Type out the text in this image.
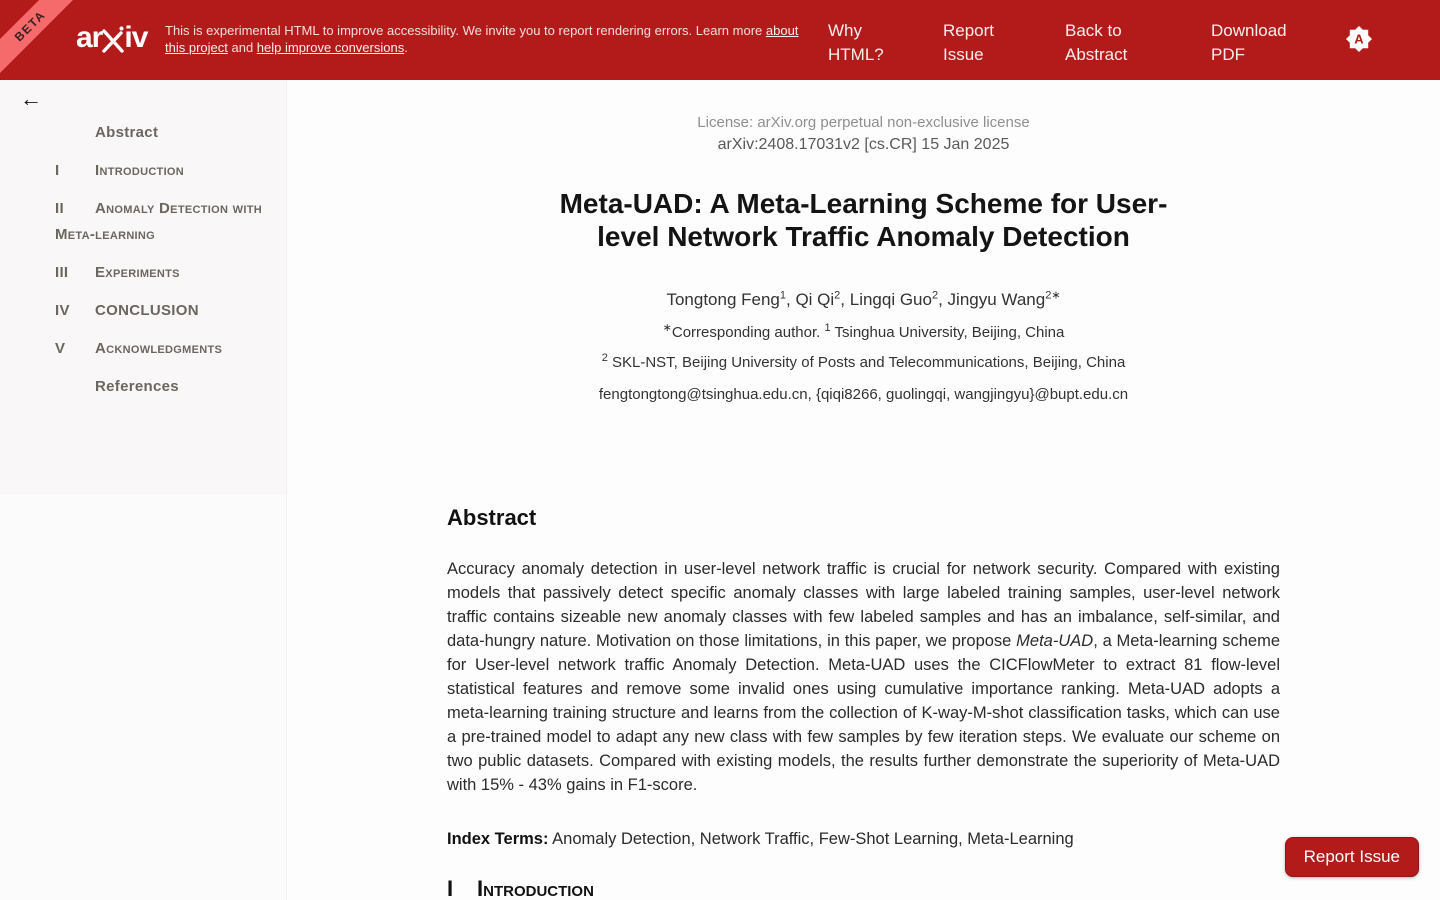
BETA ar iv This is experimental HTML to improve accessibility. We invite you to report rendering errors. Learn more about this project and help improve conversions.
Why HTML?
Report Issue
Back to Abstract
Download PDF
A
←
Abstract
I Introduction
II Anomaly Detection with Meta-learning
III Experiments
IV CONCLUSION
V Acknowledgments
References
License: arXiv.org perpetual non-exclusive license
arXiv:2408.17031v2 [cs.CR] 15 Jan 2025
Meta-UAD: A Meta-Learning Scheme for User-level Network Traffic Anomaly Detection
Tongtong Feng$^1$, Qi Qi$^2$, Lingqi Guo$^2$, Jingyu Wang$^{2∗}$
∗Corresponding author. $^1$ Tsinghua University, Beijing, China
$^2$ SKL-NST, Beijing University of Posts and Telecommunications, Beijing, China
fengtongtong@tsinghua.edu.cn, {qiqi8266, guolingqi, wangjingyu}@bupt.edu.cn
Abstract

Accuracy anomaly detection in user-level network traffic is crucial for network security. Compared with existing models that passively detect specific anomaly classes with large labeled training samples, user-level network traffic contains sizeable new anomaly classes with few labeled samples and has an imbalance, self-similar, and data-hungry nature. Motivation on those limitations, in this paper, we propose Meta-UAD, a Meta-learning scheme for User-level network traffic Anomaly Detection. Meta-UAD uses the CICFlowMeter to extract 81 flow-level statistical features and remove some invalid ones using cumulative importance ranking. Meta-UAD adopts a meta-learning training structure and learns from the collection of K-way-M-shot classification tasks, which can use a pre-trained model to adapt any new class with few samples by few iteration steps. We evaluate our scheme on two public datasets. Compared with existing models, the results further demonstrate the superiority of Meta-UAD with 15% - 43% gains in F1-score.

Index Terms: Anomaly Detection, Network Traffic, Few-Shot Learning, Meta-Learning

I Introduction
Report Issue
